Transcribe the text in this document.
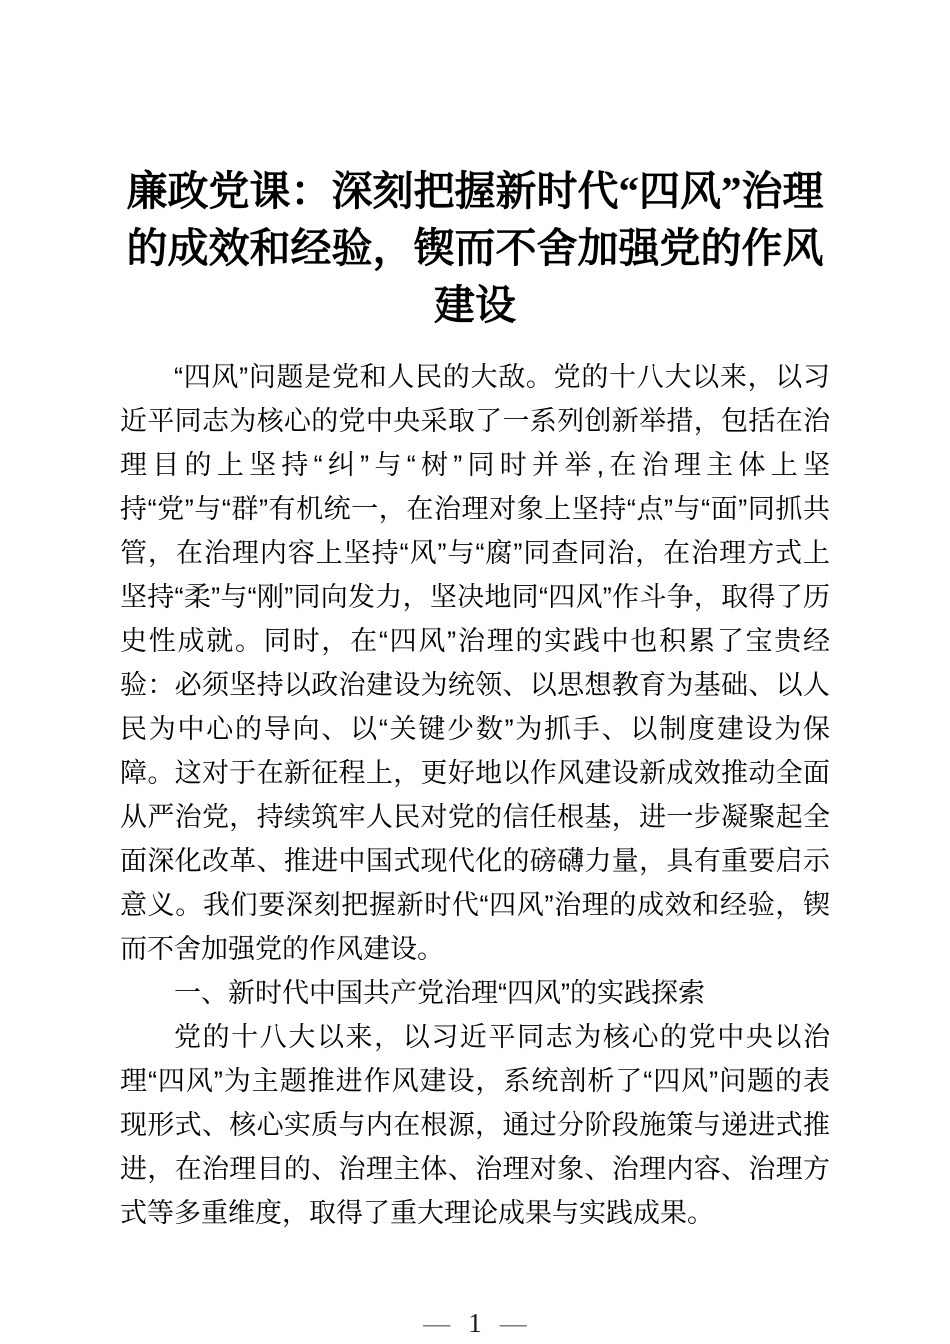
廉政党课：深刻把握新时代“四风”治理的成效和经验，锲而不舍加强党的作风建设

“四风”问题是党和人民的大敌。党的十八大以来，以习近平同志为核心的党中央采取了一系列创新举措，包括在治理目的上坚持“纠”与“树”同时并举,在治理主体上坚持“党”与“群”有机统一，在治理对象上坚持“点”与“面”同抓共管，在治理内容上坚持“风”与“腐”同查同治，在治理方式上坚持“柔”与“刚”同向发力，坚决地同“四风”作斗争，取得了历史性成就。同时，在“四风”治理的实践中也积累了宝贵经验：必须坚持以政治建设为统领、以思想教育为基础、以人民为中心的导向、以“关键少数”为抓手、以制度建设为保障。这对于在新征程上，更好地以作风建设新成效推动全面从严治党，持续筑牢人民对党的信任根基，进一步凝聚起全面深化改革、推进中国式现代化的磅礴力量，具有重要启示意义。我们要深刻把握新时代“四风”治理的成效和经验，锲而不舍加强党的作风建设。

一、新时代中国共产党治理“四风”的实践探索

党的十八大以来，以习近平同志为核心的党中央以治理“四风”为主题推进作风建设，系统剖析了“四风”问题的表现形式、核心实质与内在根源，通过分阶段施策与递进式推进，在治理目的、治理主体、治理对象、治理内容、治理方式等多重维度，取得了重大理论成果与实践成果。

— 1 —
